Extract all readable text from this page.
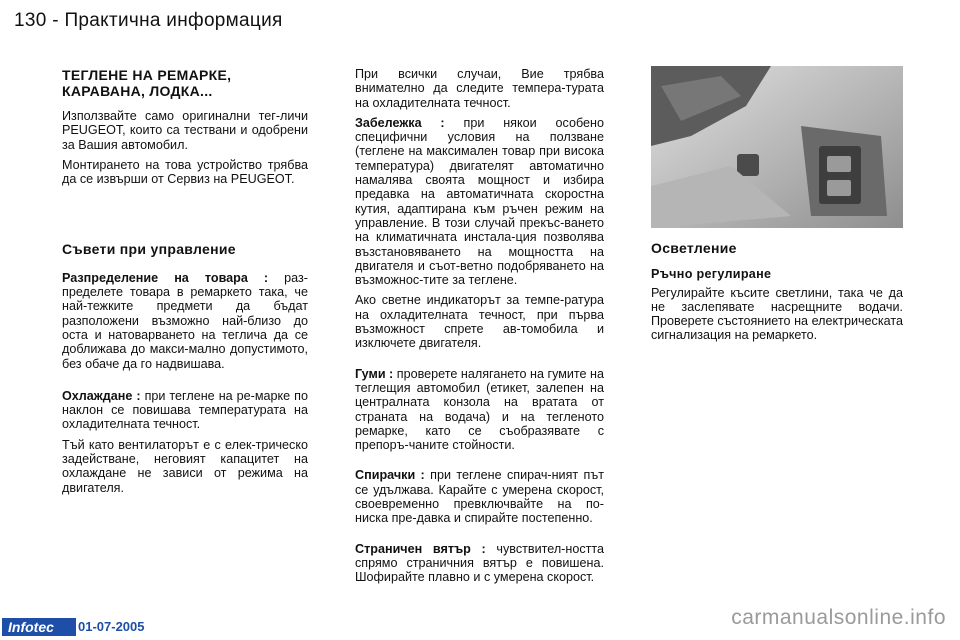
130 - Практична информация
ТЕГЛЕНЕ НА РЕМАРКЕ,
КАРАВАНА, ЛОДКА...

Използвайте само оригинални тег-личи PEUGEOT, които са тествани и одобрени за Вашия автомобил.

Монтирането на това устройство трябва да се извърши от Сервиз на PEUGEOT.

Съвети при управление

Разпределение на товара : раз-пределете товара в ремаркето така, че най-тежките предмети да бъдат разположени възможно най-близо до оста и натоварването на теглича да се доближава до макси-мално допустимото, без обаче да го надвишава.

Охлаждане : при теглене на ре-марке по наклон се повишава температурата на охладителната течност.

Тъй като вентилаторът е с елек-трическо задействане, неговият капацитет на охлаждане не зависи от режима на двигателя.

При всички случаи, Вие трябва внимателно да следите темпера-турата на охладителната течност.

Забележка : при някои особено специфични условия на ползване (теглене на максимален товар при висока температура) двигателят автоматично намалява своята мощност и избира предавка на автоматичната скоростна кутия, адаптирана към ръчен режим на управление. В този случай прекъс-ването на климатичната инстала-ция позволява възстановяването на мощността на двигателя и съот-ветно подобряването на възможнос-тите за теглене.

Ако светне индикаторът за темпе-ратура на охладителната течност, при първа възможност спрете ав-томобила и изключете двигателя.

Гуми : проверете налягането на гумите на теглещия автомобил (етикет, залепен на централната конзола на вратата от страната на водача) и на тегленото ремарке, като се съобразявате с препоръ-чаните стойности.

Спирачки : при теглене спирач-ният път се удължава. Карайте с умерена скорост, своевременно превключвайте на по-ниска пре-давка и спирайте постепенно.

Страничен вятър : чувствител-ността спрямо страничния вятър е повишена. Шофирайте плавно и с умерена скорост.

Осветление
Ръчно регулиране

Регулирайте късите светлини, така че да не заслепявате насрещните водачи. Проверете състоянието на електрическата сигнализация на ремаркето.

Infotec	01-07-2005	carmanualsonline.info
